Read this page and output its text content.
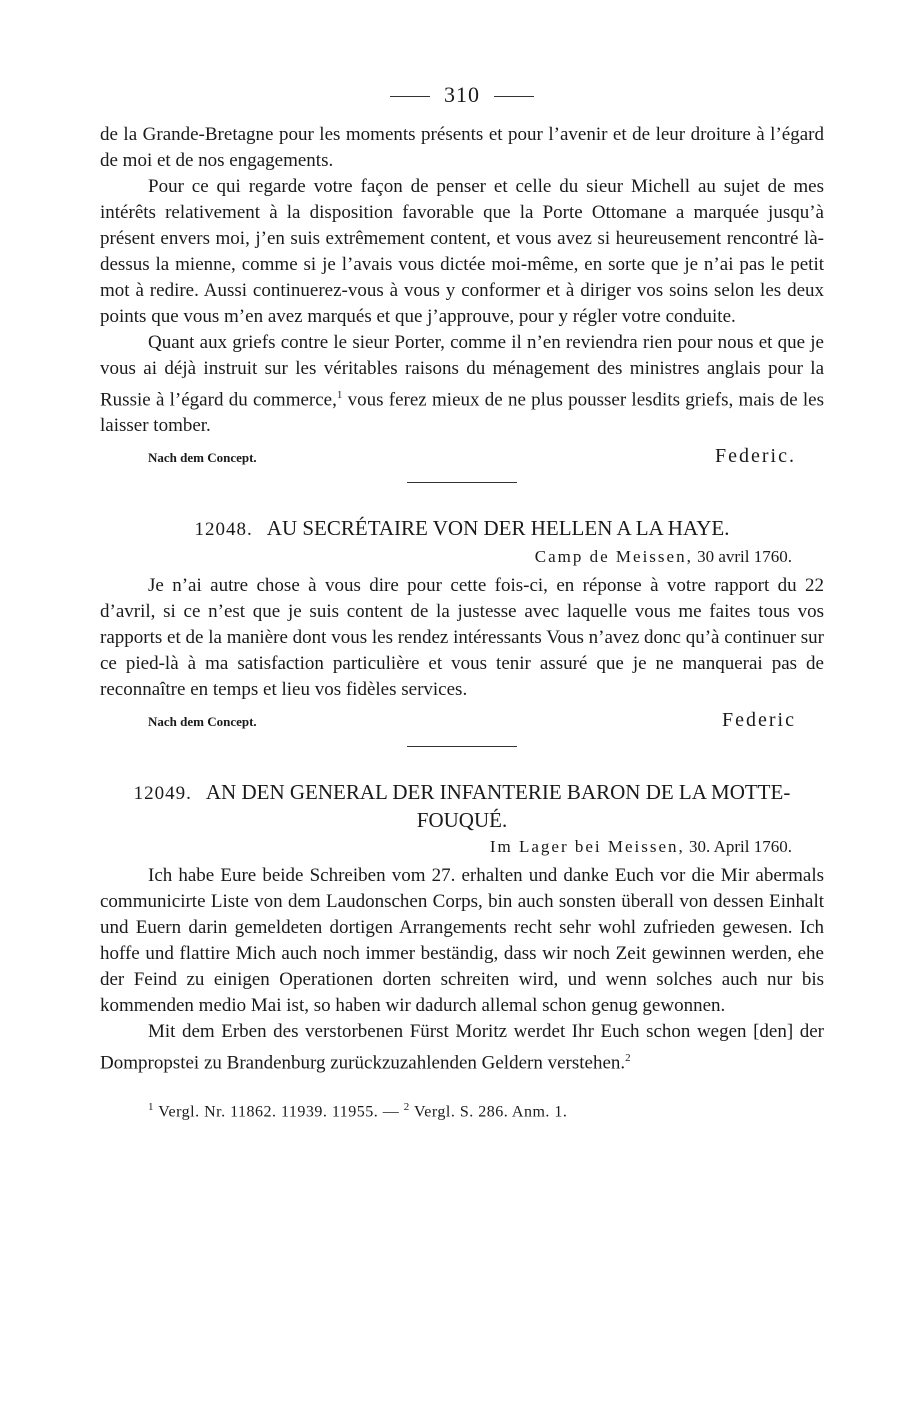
310

de la Grande-Bretagne pour les moments présents et pour l’avenir et de leur droiture à l’égard de moi et de nos engagements.

Pour ce qui regarde votre façon de penser et celle du sieur Michell au sujet de mes intérêts relativement à la disposition favorable que la Porte Ottomane a marquée jusqu’à présent envers moi, j’en suis extrêmement content, et vous avez si heureusement rencontré là-dessus la mienne, comme si je l’avais vous dictée moi-même, en sorte que je n’ai pas le petit mot à redire. Aussi continuerez-vous à vous y conformer et à diriger vos soins selon les deux points que vous m’en avez marqués et que j’approuve, pour y régler votre conduite.

Quant aux griefs contre le sieur Porter, comme il n’en reviendra rien pour nous et que je vous ai déjà instruit sur les véritables raisons du ménagement des ministres anglais pour la Russie à l’égard du commerce,$^1$ vous ferez mieux de ne plus pousser lesdits griefs, mais de les laisser tomber.

Nach dem Concept.	Federic.
12048. AU SECRÉTAIRE VON DER HELLEN A LA HAYE.
Camp de Meissen, 30 avril 1760.

Je n’ai autre chose à vous dire pour cette fois-ci, en réponse à votre rapport du 22 d’avril, si ce n’est que je suis content de la justesse avec laquelle vous me faites tous vos rapports et de la manière dont vous les rendez intéressants Vous n’avez donc qu’à continuer sur ce pied-là à ma satisfaction particulière et vous tenir assuré que je ne manquerai pas de reconnaître en temps et lieu vos fidèles services.

Nach dem Concept.	Federic
12049. AN DEN GENERAL DER INFANTERIE BARON DE LA MOTTE-FOUQUÉ.
Im Lager bei Meissen, 30. April 1760.

Ich habe Eure beide Schreiben vom 27. erhalten und danke Euch vor die Mir abermals communicirte Liste von dem Laudonschen Corps, bin auch sonsten überall von dessen Einhalt und Euern darin gemeldeten dortigen Arrangements recht sehr wohl zufrieden gewesen. Ich hoffe und flattire Mich auch noch immer beständig, dass wir noch Zeit gewinnen werden, ehe der Feind zu einigen Operationen dorten schreiten wird, und wenn solches auch nur bis kommenden medio Mai ist, so haben wir dadurch allemal schon genug gewonnen.

Mit dem Erben des verstorbenen Fürst Moritz werdet Ihr Euch schon wegen [den] der Dompropstei zu Brandenburg zurückzuzahlenden Geldern verstehen.$^2$

$^1$ Vergl. Nr. 11862. 11939. 11955. — $^2$ Vergl. S. 286. Anm. 1.
